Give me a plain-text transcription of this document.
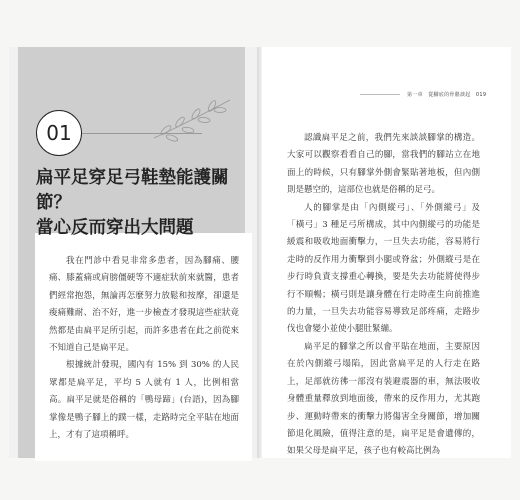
01
扁平足穿足弓鞋墊能護關節？
當心反而穿出大問題

我在門診中看見非常多患者，因為腳痛、腰痛、膝蓋痛或肩膀僵硬等不適症狀前來就醫，患者們經常抱怨，無論再怎麼努力放鬆和按摩，卻還是痠痛難耐、治不好，進一步檢查才發現這些症狀竟然都是由扁平足所引起，而許多患者在此之前從來不知道自己是扁平足。

根據統計發現，國內有 15% 到 30% 的人民眾都是扁平足，平均 5 人就有 1 人，比例相當高。扁平足就是俗稱的「鴨母蹄」(台語)，因為腳掌像是鴨子腳上的蹼一樣，走路時完全平貼在地面上，才有了這項稱呼。

第一章　從腳底的骨骼談起　019

認識扁平足之前，我們先來談談腳掌的構造。大家可以觀察看看自己的腳，當我們的腳站立在地面上的時候，只有腳掌外側會緊貼著地板，但內側則是懸空的，這部位也就是俗稱的足弓。

人的腳掌是由「內側縱弓」、「外側縱弓」及「橫弓」3 種足弓所構成，其中內側縱弓的功能是緩震和吸收地面衝擊力，一旦失去功能，容易將行走時的反作用力衝擊到小腿或脊盆；外側縱弓是在步行時負責支撐重心轉換，要是失去功能將使得步行不順暢；橫弓則是讓身體在行走時產生向前推進的力量，一旦失去功能容易導致足部疼痛，走路步伐也會變小並使小腿肚緊繃。

扁平足的腳掌之所以會平貼在地面，主要原因在於內側縱弓塌陷，因此當扁平足的人行走在路上，足部就彷彿一部沒有裝避震器的車，無法吸收身體重量釋放到地面後，帶來的反作用力，尤其跑步、運動時帶來的衝擊力將傷害全身關節，增加關節退化風險，值得注意的是，扁平足是會遺傳的，如果父母是扁平足，孩子也有較高比例為
